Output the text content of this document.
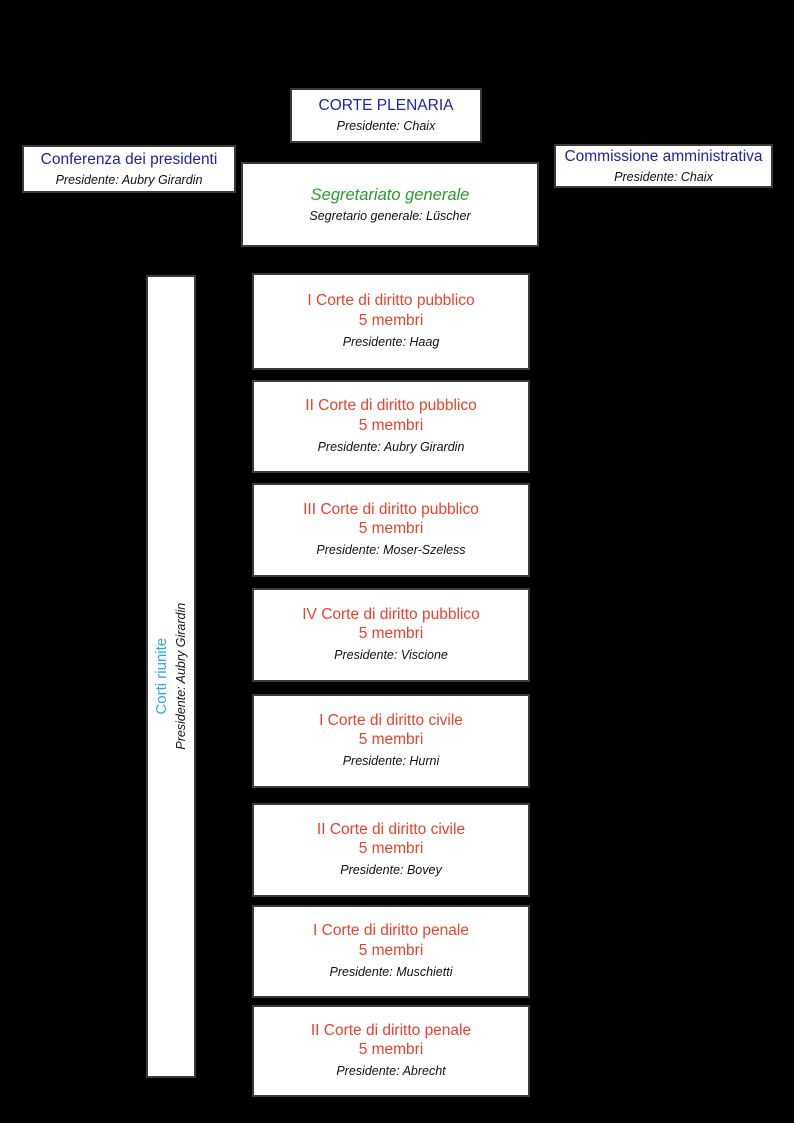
CORTE PLENARIA
Presidente: Chaix
Conferenza dei presidenti
Presidente: Aubry Girardin
Commissione amministrativa
Presidente: Chaix
Segretariato generale
Segretario generale: Lüscher
Corti riunite Presidente: Aubry Girardin
I Corte di diritto pubblico
5 membri
Presidente: Haag
II Corte di diritto pubblico
5 membri
Presidente: Aubry Girardin
III Corte di diritto pubblico
5 membri
Presidente: Moser-Szeless
IV Corte di diritto pubblico
5 membri
Presidente: Viscione
I Corte di diritto civile
5 membri
Presidente: Hurni
II Corte di diritto civile
5 membri
Presidente: Bovey
I Corte di diritto penale
5 membri
Presidente: Muschietti
II Corte di diritto penale
5 membri
Presidente: Abrecht
